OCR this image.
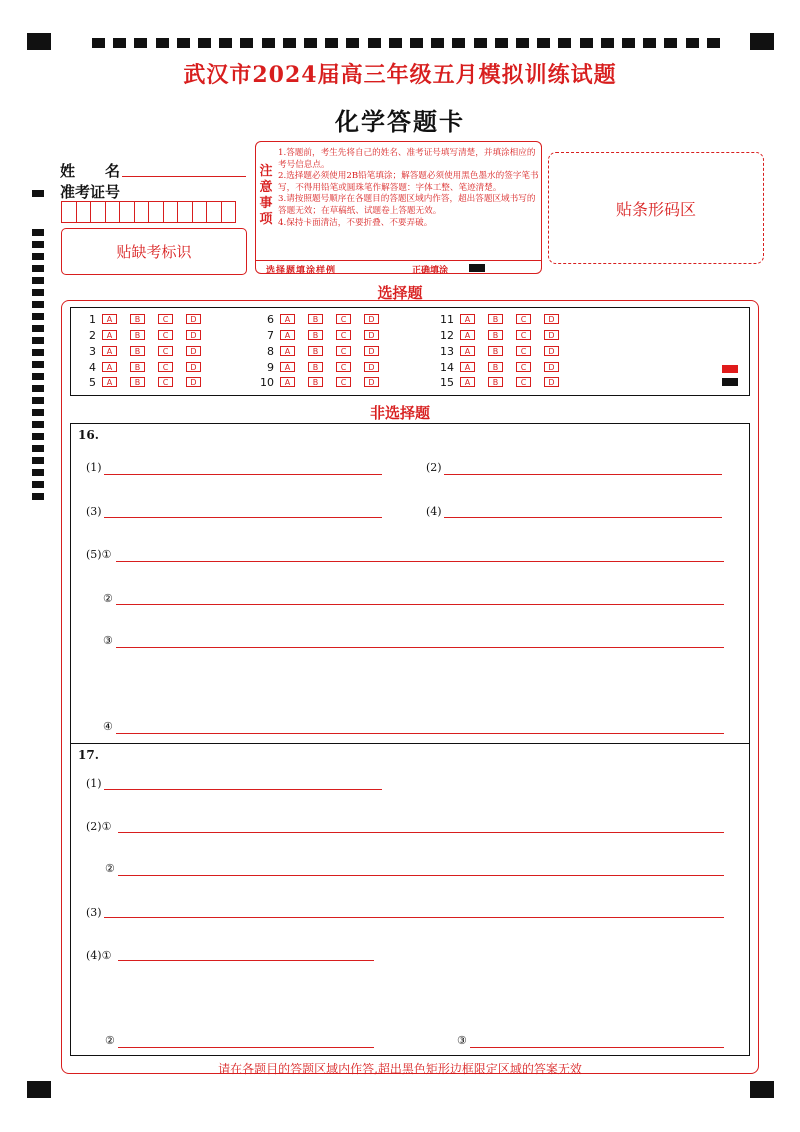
武汉市2024届高三年级五月模拟训练试题
化学答题卡
姓　　名
准考证号
贴缺考标识
注意事项

1.答题前，考生先将自己的姓名、准考证号填写清楚，并填涂相应的考号信息点。

2.选择题必须使用2B铅笔填涂；解答题必须使用黑色墨水的签字笔书写，不得用铅笔或圆珠笔作解答题：字体工整、笔迹清楚。

3.请按照题号顺序在各题目的答题区域内作答，超出答题区域书写的答题无效；在草稿纸、试题卷上答题无效。

4.保持卡面清洁，不要折叠、不要弄破。

选择题填涂样例	正确填涂
贴条形码区
选择题
1	A	B	C	D
2	A	B	C	D
3	A	B	C	D
4	A	B	C	D
5	A	B	C	D
6	A	B	C	D
7	A	B	C	D
8	A	B	C	D
9	A	B	C	D
10	A	B	C	D
11	A	B	C	D
12	A	B	C	D
13	A	B	C	D
14	A	B	C	D
15	A	B	C	D
非选择题
16.
(1)	(2)
(3)	(4)
(5)①
②
③
④
17.
(1)
(2)①
②
(3)
(4)①
②	③
请在各题目的答题区域内作答,超出黑色矩形边框限定区域的答案无效
